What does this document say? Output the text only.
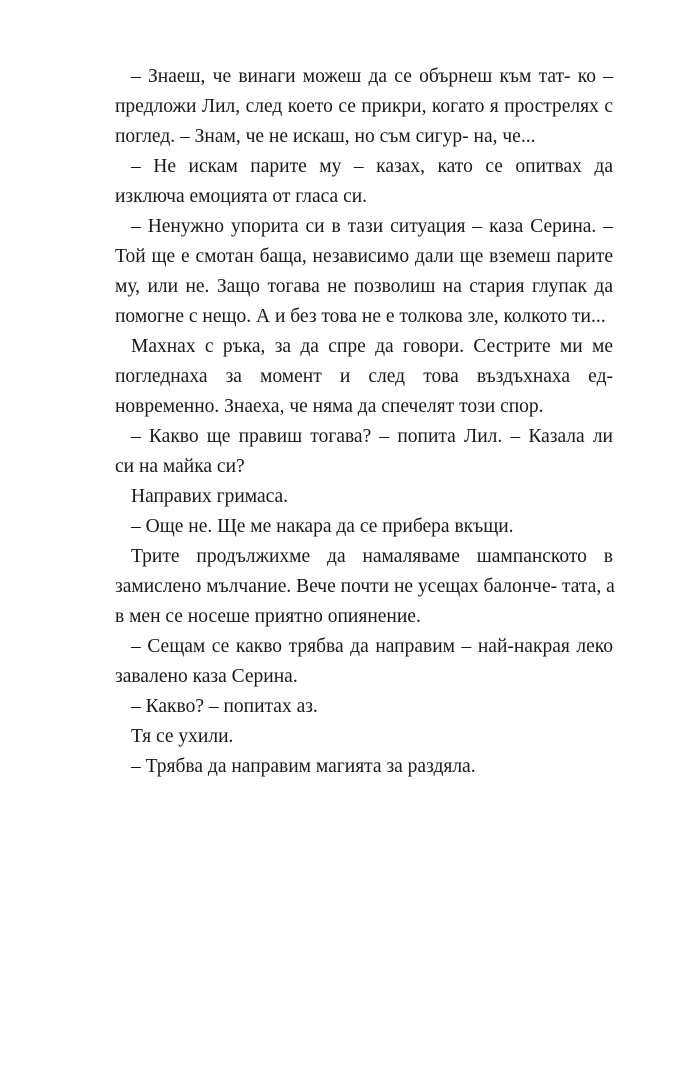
– Знаеш, че винаги можеш да се обърнеш към тат- ко –
предложи Лил, след което се прикри, когато я прострелях с
поглед. – Знам, че не искаш, но съм сигур- на, че...
– Не искам парите му – казах, като се опитвах да
изключа емоцията от гласа си.
– Ненужно упорита си в тази ситуация – каза Серина. –
Той ще е смотан баща, независимо дали ще вземеш парите
му, или не. Защо тогава не позволиш на стария глупак да
помогне с нещо. А и без това не е толкова зле, колкото ти...
Махнах с ръка, за да спре да говори. Сестрите ми ме
погледнаха за момент и след това въздъхнаха ед-
новременно. Знаеха, че няма да спечелят този спор.
– Какво ще правиш тогава? – попита Лил. – Казала ли
си на майка си?
Направих гримаса.
– Още не. Ще ме накара да се прибера вкъщи.
Трите продължихме да намаляваме шампанското в
замислено мълчание. Вече почти не усещах балонче- тата, а
в мен се носеше приятно опиянение.
– Сещам се какво трябва да направим – най-накрая леко
завалено каза Серина.
– Какво? – попитах аз.
Тя се ухили.
– Трябва да направим магията за раздяла.
